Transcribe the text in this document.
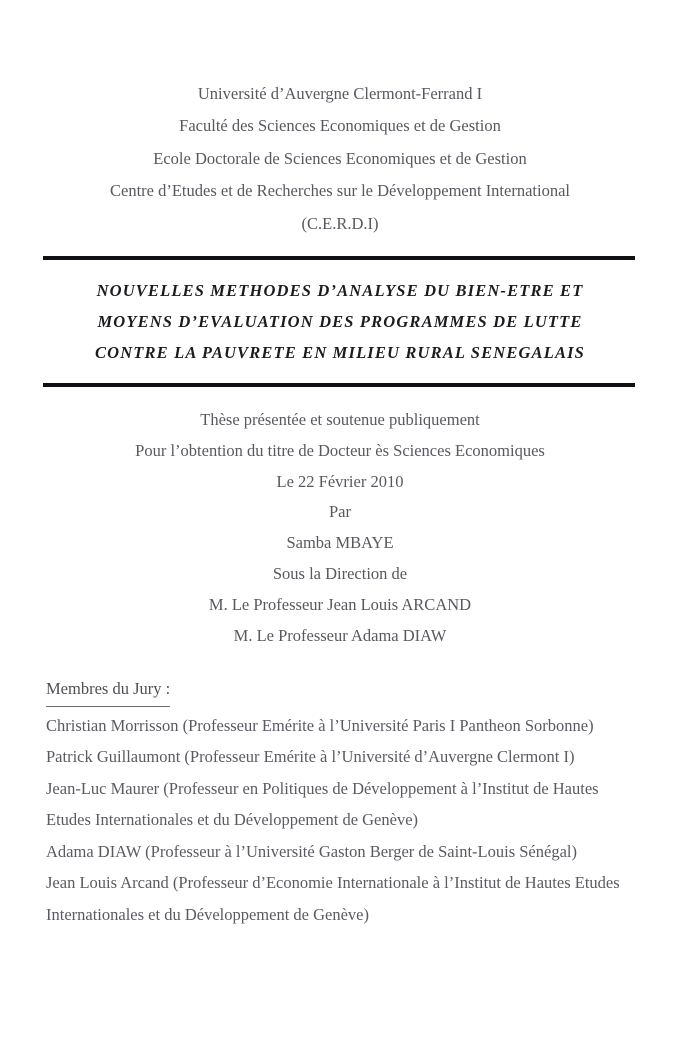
Université d’Auvergne Clermont-Ferrand I
Faculté des Sciences Economiques et de Gestion
Ecole Doctorale de Sciences Economiques et de Gestion
Centre d’Etudes et de Recherches sur le Développement International
(C.E.R.D.I)
NOUVELLES METHODES D’ANALYSE DU BIEN-ETRE ET
MOYENS D’EVALUATION DES PROGRAMMES DE LUTTE
CONTRE LA PAUVRETE EN MILIEU RURAL SENEGALAIS
Thèse présentée et soutenue publiquement
Pour l’obtention du titre de Docteur ès Sciences Economiques
Le 22 Février 2010
Par
Samba MBAYE
Sous la Direction de
M. Le Professeur Jean Louis ARCAND
M. Le Professeur Adama DIAW
Membres du Jury :
Christian Morrisson (Professeur Emérite à l’Université Paris I Pantheon Sorbonne)
Patrick Guillaumont (Professeur Emérite à l’Université d’Auvergne Clermont I)
Jean-Luc Maurer (Professeur en Politiques de Développement à l’Institut de Hautes Etudes Internationales et du Développement de Genève)
Adama DIAW (Professeur à l’Université Gaston Berger de Saint-Louis Sénégal)
Jean Louis Arcand (Professeur d’Economie Internationale à l’Institut de Hautes Etudes Internationales et du Développement de Genève)
